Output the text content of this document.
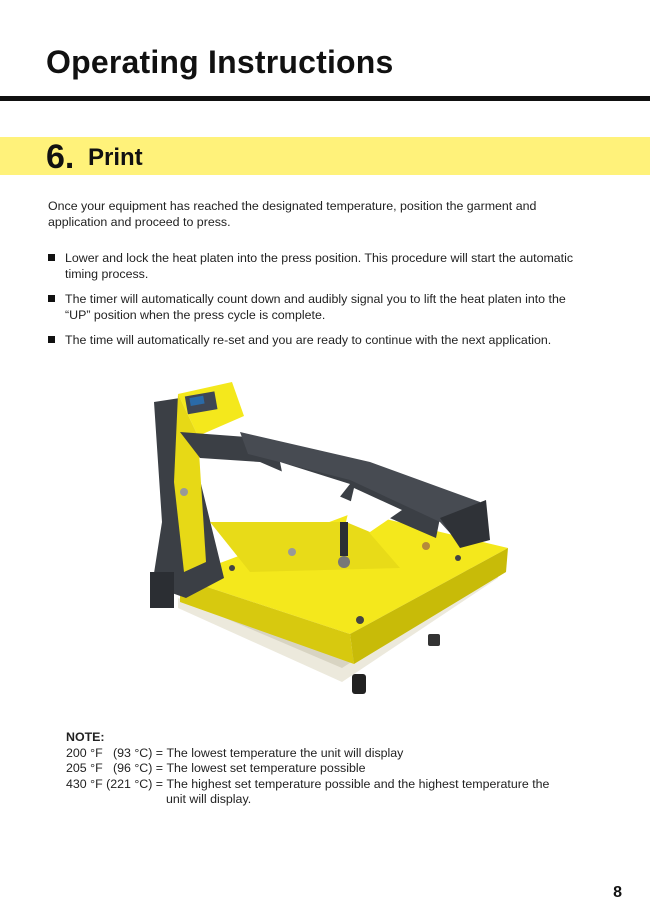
Operating Instructions
6. Print

Once your equipment has reached the designated temperature, position the garment and application and proceed to press.

Lower and lock the heat platen into the press position. This procedure will start the automatic timing process.
The timer will automatically count down and audibly signal you to lift the heat platen into the “UP” position when the press cycle is complete.
The time will automatically re-set and you are ready to continue with the next application.
NOTE:
200 °F   (93 °C) = The lowest temperature the unit will display
205 °F   (96 °C) = The lowest set temperature possible
430 °F (221 °C) = The highest set temperature possible and the highest temperature the
unit will display.
8
